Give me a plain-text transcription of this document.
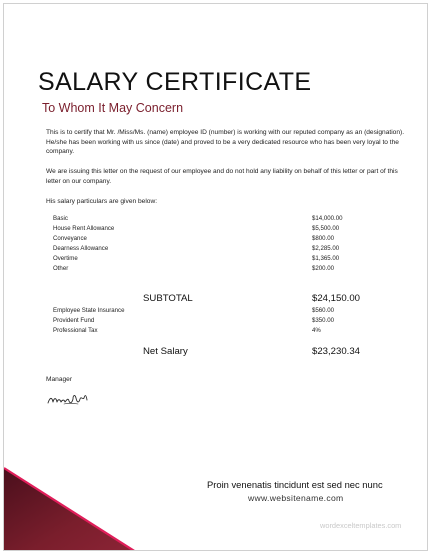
SALARY CERTIFICATE
To Whom It May Concern
This is to certify that Mr. /Miss/Ms. (name) employee ID (number) is working with our reputed company as an (designation). He/she has been working with us since (date) and proved to be a very dedicated resource who has been very loyal to the company.
We are issuing this letter on the request of our employee and do not hold any liability on behalf of this letter or part of this letter on our company.
His salary particulars are given below:
Basic	$14,000.00
House Rent Allowance	$5,500.00
Conveyance	$800.00
Dearness Allowance	$2,285.00
Overtime	$1,365.00
Other	$200.00
SUBTOTAL	$24,150.00
Employee State Insurance	$560.00
Provident Fund	$350.00
Professional Tax	4%
Net Salary	$23,230.34
Manager
Proin venenatis tincidunt est sed nec nunc
www.websitename.com
wordexceltemplates.com
